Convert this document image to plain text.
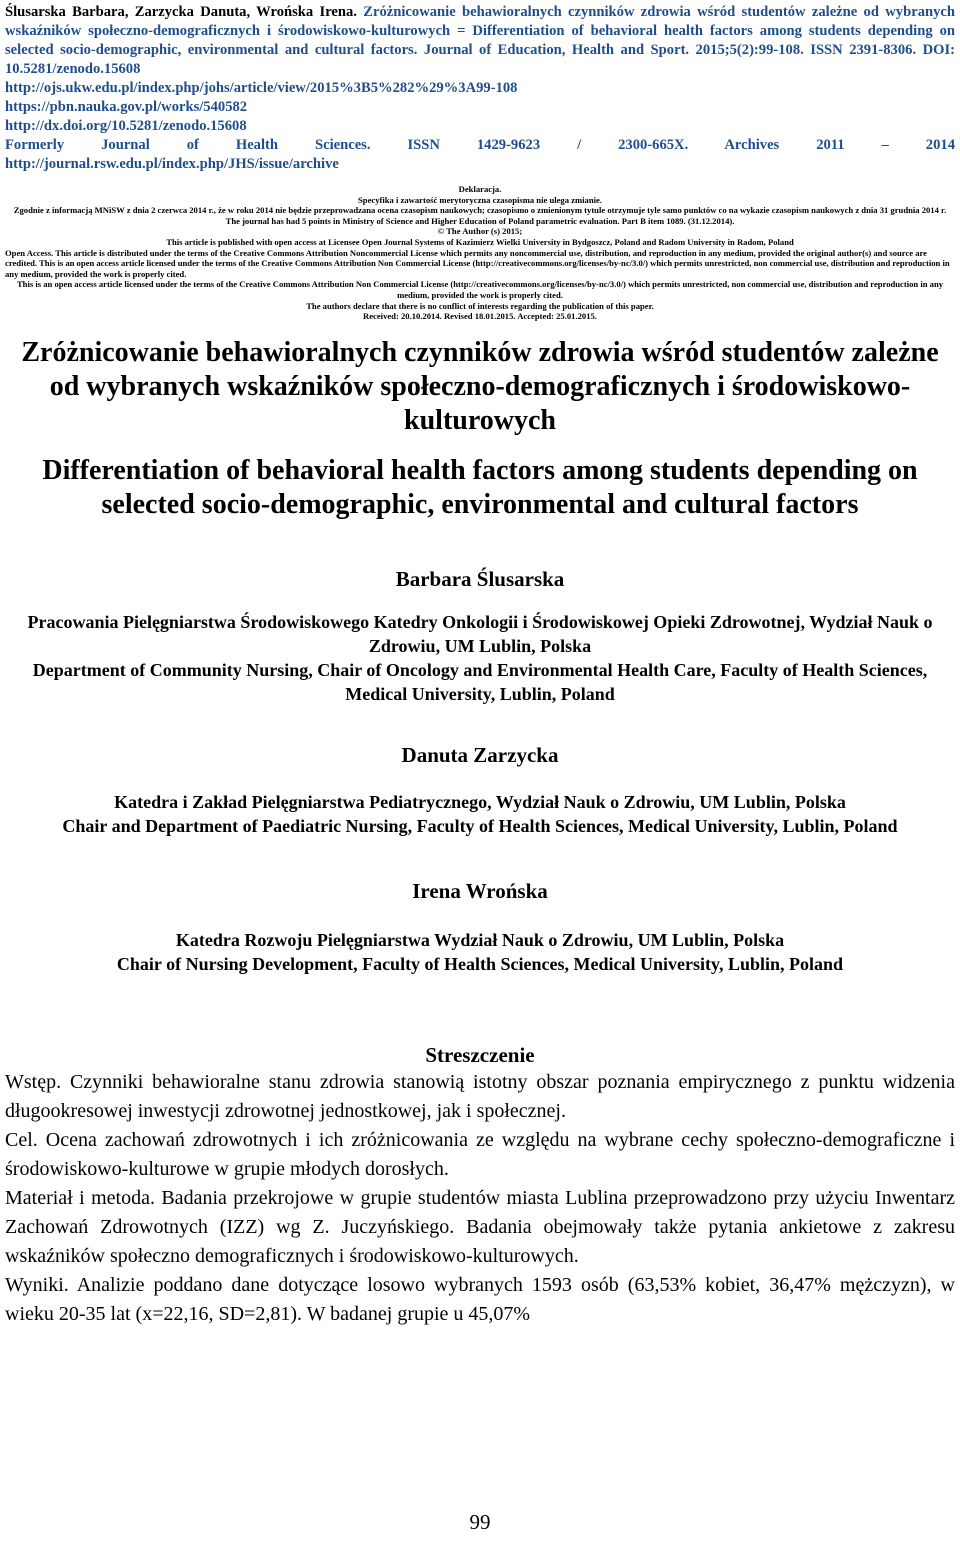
Ślusarska Barbara, Zarzycka Danuta, Wrońska Irena. Zróżnicowanie behawioralnych czynników zdrowia wśród studentów zależne od wybranych wskaźników społeczno-demograficznych i środowiskowo-kulturowych = Differentiation of behavioral health factors among students depending on selected socio-demographic, environmental and cultural factors. Journal of Education, Health and Sport. 2015;5(2):99-108. ISSN 2391-8306. DOI: 10.5281/zenodo.15608
http://ojs.ukw.edu.pl/index.php/johs/article/view/2015%3B5%282%29%3A99-108
https://pbn.nauka.gov.pl/works/540582
http://dx.doi.org/10.5281/zenodo.15608
Formerly Journal of Health Sciences. ISSN 1429-9623 / 2300-665X. Archives 2011 – 2014
http://journal.rsw.edu.pl/index.php/JHS/issue/archive
Deklaracja.
Specyfika i zawartość merytoryczna czasopisma nie ulega zmianie.
Zgodnie z informacją MNiSW z dnia 2 czerwca 2014 r., że w roku 2014 nie będzie przeprowadzana ocena czasopism naukowych; czasopismo o zmienionym tytule otrzymuje tyle samo punktów co na wykazie czasopism naukowych z dnia 31 grudnia 2014 r.
The journal has had 5 points in Ministry of Science and Higher Education of Poland parametric evaluation. Part B item 1089. (31.12.2014).
© The Author (s) 2015;
This article is published with open access at Licensee Open Journal Systems of Kazimierz Wielki University in Bydgoszcz, Poland and Radom University in Radom, Poland
Open Access. This article is distributed under the terms of the Creative Commons Attribution Noncommercial License which permits any noncommercial use, distribution, and reproduction in any medium, provided the original author(s) and source are credited. This is an open access article licensed under the terms of the Creative Commons Attribution Non Commercial License (http://creativecommons.org/licenses/by-nc/3.0/) which permits unrestricted, non commercial use, distribution and reproduction in any medium, provided the work is properly cited.
This is an open access article licensed under the terms of the Creative Commons Attribution Non Commercial License (http://creativecommons.org/licenses/by-nc/3.0/) which permits unrestricted, non commercial use, distribution and reproduction in any medium, provided the work is properly cited.
The authors declare that there is no conflict of interests regarding the publication of this paper.
Received: 20.10.2014. Revised 18.01.2015. Accepted: 25.01.2015.
Zróżnicowanie behawioralnych czynników zdrowia wśród studentów zależne od wybranych wskaźników społeczno-demograficznych i środowiskowo-kulturowych
Differentiation of behavioral health factors among students depending on selected socio-demographic, environmental and cultural factors
Barbara Ślusarska
Pracowania Pielęgniarstwa Środowiskowego Katedry Onkologii i Środowiskowej Opieki Zdrowotnej, Wydział Nauk o Zdrowiu, UM Lublin, Polska
Department of Community Nursing, Chair of Oncology and Environmental Health Care, Faculty of Health Sciences, Medical University, Lublin, Poland
Danuta Zarzycka
Katedra i Zakład Pielęgniarstwa Pediatrycznego, Wydział Nauk o Zdrowiu, UM Lublin, Polska
Chair and Department of Paediatric Nursing, Faculty of Health Sciences, Medical University, Lublin, Poland
Irena Wrońska
Katedra Rozwoju Pielęgniarstwa Wydział Nauk o Zdrowiu, UM Lublin, Polska
Chair of Nursing Development, Faculty of Health Sciences, Medical University, Lublin, Poland
Streszczenie

Wstęp. Czynniki behawioralne stanu zdrowia stanowią istotny obszar poznania empirycznego z punktu widzenia długookresowej inwestycji zdrowotnej jednostkowej, jak i społecznej.

Cel. Ocena zachowań zdrowotnych i ich zróżnicowania ze względu na wybrane cechy społeczno-demograficzne i środowiskowo-kulturowe w grupie młodych dorosłych.

Materiał i metoda. Badania przekrojowe w grupie studentów miasta Lublina przeprowadzono przy użyciu Inwentarz Zachowań Zdrowotnych (IZZ) wg Z. Juczyńskiego. Badania obejmowały także pytania ankietowe z zakresu wskaźników społeczno demograficznych i środowiskowo-kulturowych.

Wyniki. Analizie poddano dane dotyczące losowo wybranych 1593 osób (63,53% kobiet, 36,47% mężczyzn), w wieku 20-35 lat (x=22,16, SD=2,81). W badanej grupie u 45,07%

99
